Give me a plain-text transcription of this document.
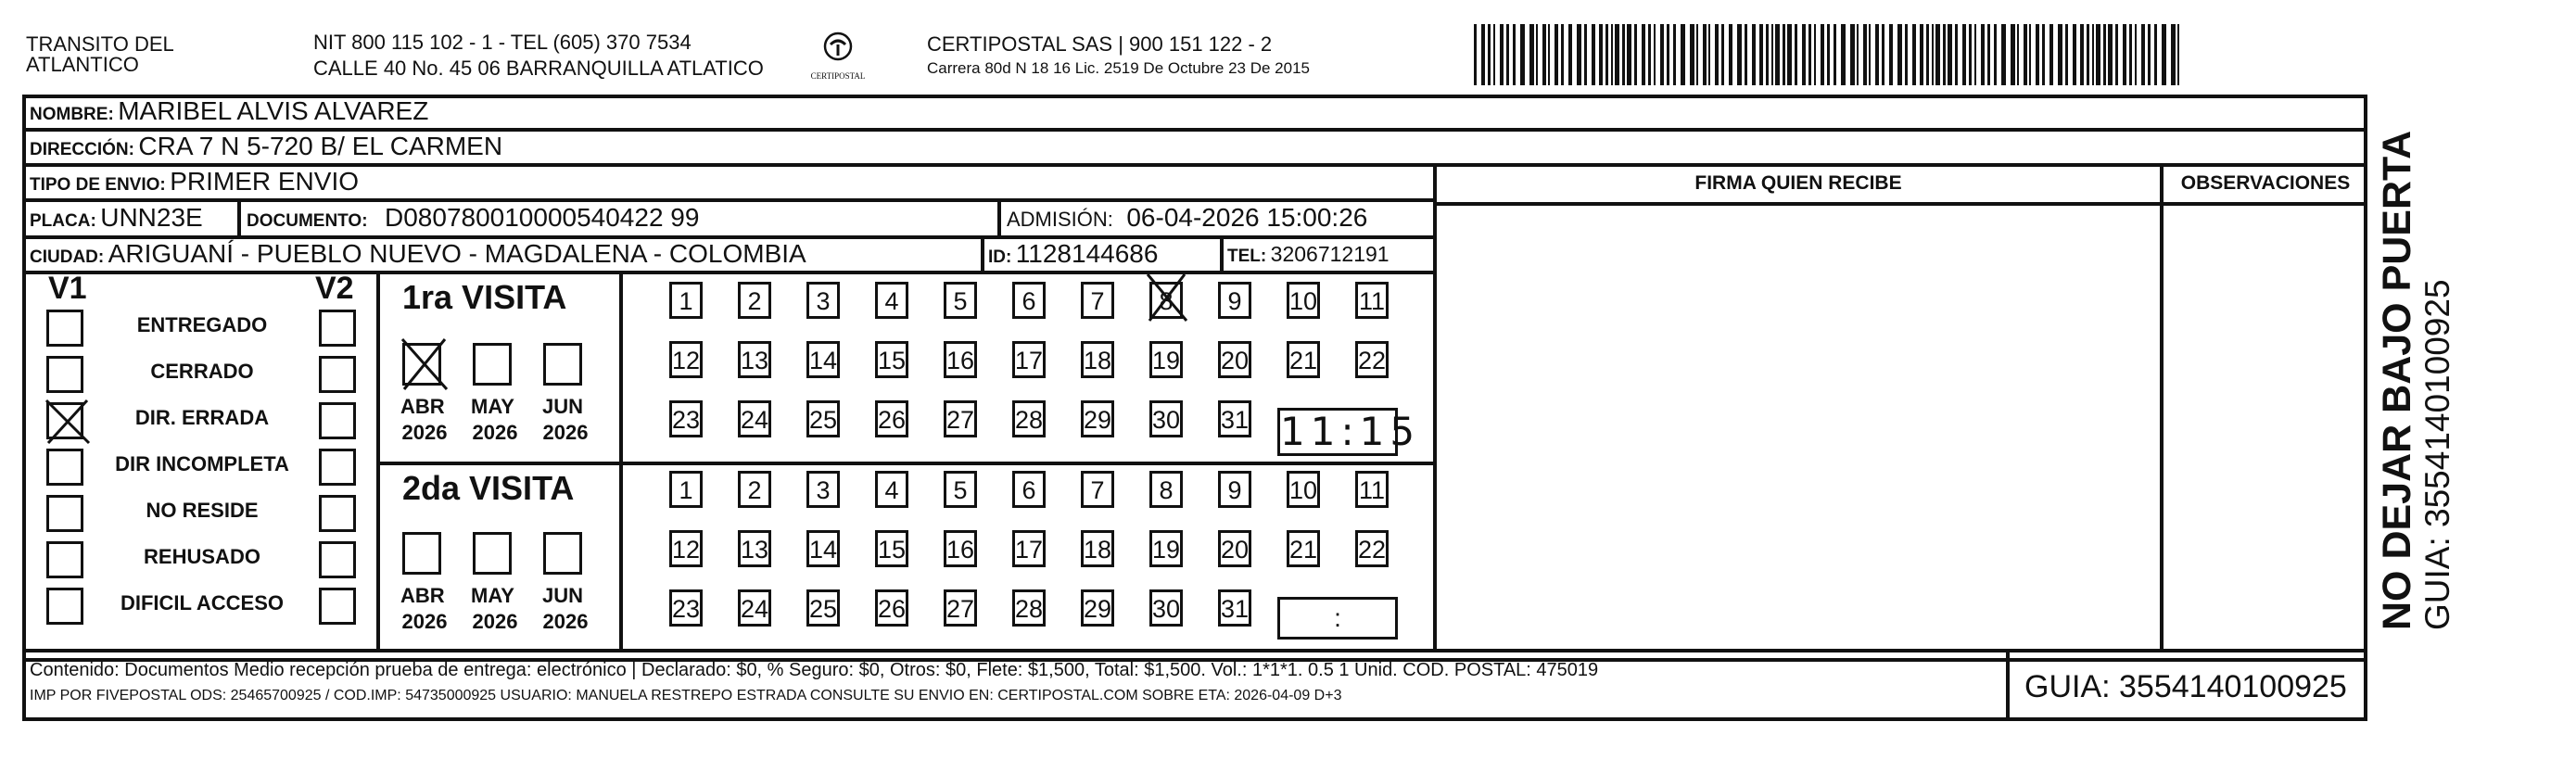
TRANSITO DEL
ATLANTICO
NIT 800 115 102 - 1 - TEL (605) 370 7534
CALLE 40 No. 45 06 BARRANQUILLA ATLATICO	CERTIPOSTAL
CERTIPOSTAL SAS | 900 151 122 - 2
Carrera 80d N 18 16 Lic. 2519 De Octubre 23 De 2015
NOMBRE: MARIBEL ALVIS ALVAREZ
DIRECCIÓN: CRA 7 N 5-720 B/ EL CARMEN
TIPO DE ENVIO: PRIMER ENVIO	FIRMA QUIEN RECIBE	OBSERVACIONES
PLACA: UNN23E DOCUMENTO: D080780010000540422 99	ADMISIÓN: 06-04-2026 15:00:26
CIUDAD: ARIGUANÍ - PUEBLO NUEVO - MAGDALENA - COLOMBIA	ID: 1128144686	TEL: 3206712191
V1	V2
ENTREGADO
CERRADO
DIR. ERRADA
DIR INCOMPLETA
NO RESIDE
REHUSADO
DIFICIL ACCESO
1ra VISITA
2da VISITA
ABR
2026
MAY
2026
JUN
2026
ABR
2026
MAY
2026
JUN
2026
1	2	3	4	5	6	7	8	9	10 11
12 13 14 15 16 17 18 19 20 21 22
23 24 25 26 27 28 29 30 31
1	2	3	4	5	6	7	8	9	10 11
12 13 14 15 16 17 18 19 20 21 22
23 24 25 26 27 28 29 30 31
11:15
:
Contenido: Documentos Medio recepción prueba de entrega: electrónico | Declarado: $0, % Seguro: $0, Otros: $0, Flete: $1,500, Total: $1,500. Vol.: 1*1*1. 0.5 1 Unid. COD. POSTAL: 475019
IMP POR FIVEPOSTAL ODS: 25465700925 / COD.IMP: 54735000925 USUARIO: MANUELA RESTREPO ESTRADA CONSULTE SU ENVIO EN: CERTIPOSTAL.COM SOBRE ETA: 2026-04-09 D+3	GUIA: 3554140100925
NO DEJAR BAJO PUERTA GUIA: 3554140100925
